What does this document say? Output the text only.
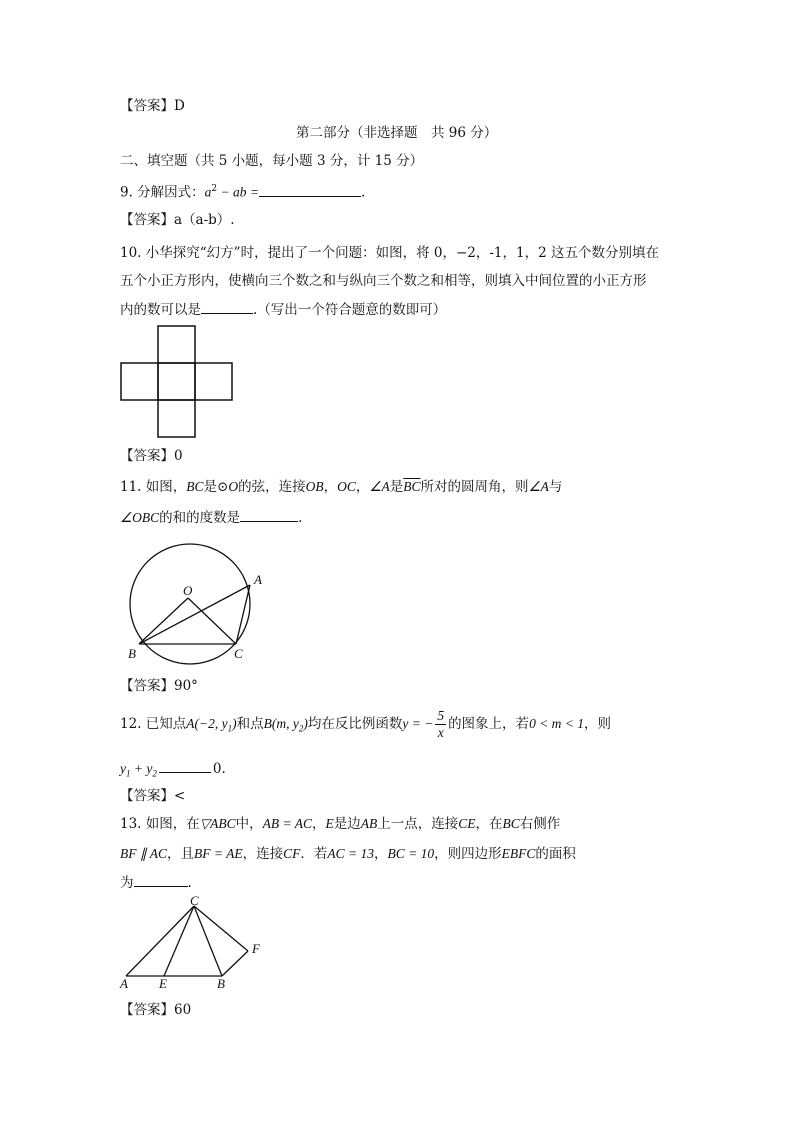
【答案】D
第二部分（非选择题　共 96 分）
二、填空题（共 5 小题，每小题 3 分，计 15 分）
9. 分解因式：$a^2$ − ab =	.
【答案】a（a-b）.
10. 小华探究“幻方”时，提出了一个问题：如图，将 0，−2，-1，1，2 这五个数分别填在
五个小正方形内，使横向三个数之和与纵向三个数之和相等，则填入中间位置的小正方形
内的数可以是	.（写出一个符合题意的数即可）
【答案】0
11. 如图，BC是⊙O的弦，连接OB，OC，∠A是$\overline{BC}$所对的圆周角，则∠A与
∠OBC的和的度数是	.
O
A
B	C
【答案】90°
12. 已知点A(−2, $y_1$)和点B(m, $y_2$)均在反比例函数y = − $\frac{5}{x}$ 的图象上，若0 < m < 1，则
$y_1 + y_2$	0.
【答案】<
13. 如图，在▽ABC中，AB = AC，E是边AB上一点，连接CE，在BC右侧作
BF ∥ AC，且BF = AE，连接CF．若AC = 13，BC = 10，则四边形EBFC的面积
为	.
C
F
A E	B
【答案】60
